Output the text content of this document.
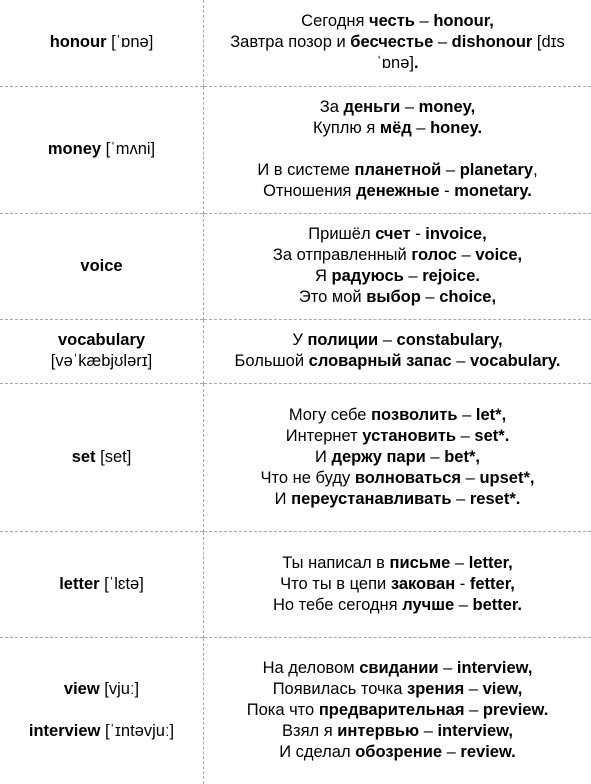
honour [ˈɒnə]	Сегодня честь – honour,
Завтра позор и бесчестье – dishonour [dɪs
ˈɒnə].

money [ˈmʌni]	За деньги – money,
Куплю я мёд – honey.
И в системе планетной – planetary,
Отношения денежные - monetary.

voice	Пришёл счет - invoice,
За отправленный голос – voice,
Я радуюсь – rejoice.
Это мой выбор – choice,

vocabulary
[vəˈkæbjʊlərɪ]	У полиции – constabulary,
Большой словарный запас – vocabulary.

set [set]	Могу себе позволить – let*,
Интернет установить – set*.
И держу пари – bet*,
Что не буду волноваться – upset*,
И переустанавливать – reset*.

letter [ˈlɛtə]	Ты написал в письме – letter,
Что ты в цепи закован - fetter,
Но тебе сегодня лучше – better.

view [vjuː]
interview [ˈɪntəvjuː]	На деловом свидании – interview,
Появилась точка зрения – view,
Пока что предварительная – preview.
Взял я интервью – interview,
И сделал обозрение – review.
